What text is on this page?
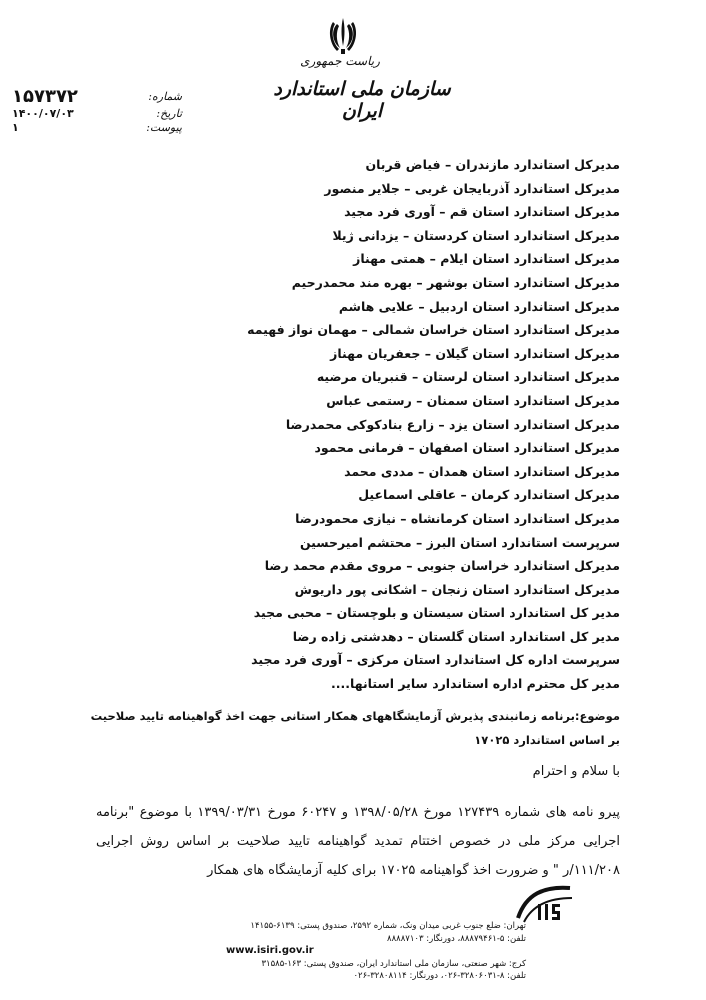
ریاست جمهوری
سازمان ملی استاندارد ایران
شماره:
۱۵۷۳۷۲
تاریخ:
۱۴۰۰/۰۷/۰۳
پیوست:
۱
مدیرکل استاندارد مازندران – فیاض قربان
مدیرکل استاندارد آذربایجان غربی – جلایر منصور
مدیرکل استاندارد استان قم – آوری فرد مجید
مدیرکل استاندارد استان کردستان – یزدانی ژیلا
مدیرکل استاندارد استان ایلام – همتی مهناز
مدیرکل استاندارد استان بوشهر – بهره مند محمدرحیم
مدیرکل استاندارد استان اردبیل – علایی هاشم
مدیرکل استاندارد استان خراسان شمالی – مهمان نواز فهیمه
مدیرکل استاندارد استان گیلان – جعفریان مهناز
مدیرکل استاندارد استان لرستان – قنبریان مرضیه
مدیرکل استاندارد استان سمنان – رستمی عباس
مدیرکل استاندارد استان یزد – زارع بنادکوکی محمدرضا
مدیرکل استاندارد استان اصفهان – فرمانی محمود
مدیرکل استاندارد استان همدان – مددی محمد
مدیرکل استاندارد کرمان – عاقلی اسماعیل
مدیرکل استاندارد استان کرمانشاه – نیازی محمودرضا
سرپرست استاندارد استان البرز – محتشم امیرحسین
مدیرکل استاندارد خراسان جنوبی – مروی مقدم محمد رضا
مدیرکل استاندارد استان زنجان – اشکانی پور داریوش
مدیر کل استاندارد استان سیستان و بلوچستان – محبی مجید
مدیر کل استاندارد استان گلستان – دهدشتی زاده رضا
سرپرست اداره کل استاندارد استان مرکزی – آوری فرد مجید
مدیر کل محترم اداره استاندارد سایر استانها....
موضوع:برنامه زمانبندی پذیرش آزمایشگاههای همکار استانی جهت اخذ گواهینامه تایید صلاحیت بر اساس استاندارد ۱۷۰۲۵
با سلام و احترام
پیرو نامه های شماره ۱۲۷۴۳۹ مورخ ۱۳۹۸/۰۵/۲۸ و ۶۰۲۴۷ مورخ ۱۳۹۹/۰۳/۳۱ با موضوع "برنامه اجرایی مرکز ملی در خصوص اختتام تمدید گواهینامه تایید صلاحیت بر اساس روش اجرایی ۱۱۱/۲۰۸/ر " و ضرورت اخذ گواهینامه ۱۷۰۲۵ برای کلیه آزمایشگاه های همکار
تهران: ضلع جنوب غربی میدان ونک، شماره ۲۵۹۲، صندوق پستی: ۶۱۳۹-۱۴۱۵۵
تلفن: ۵-۸۸۸۷۹۴۶۱، دورنگار: ۸۸۸۸۷۱۰۳
www.isiri.gov.ir
کرج: شهر صنعتی، سازمان ملی استاندارد ایران، صندوق پستی: ۱۶۳-۳۱۵۸۵
تلفن: ۸-۳۲۸۰۶۰۳۱-۰۲۶، دورنگار: ۳۲۸۰۸۱۱۴-۰۲۶
